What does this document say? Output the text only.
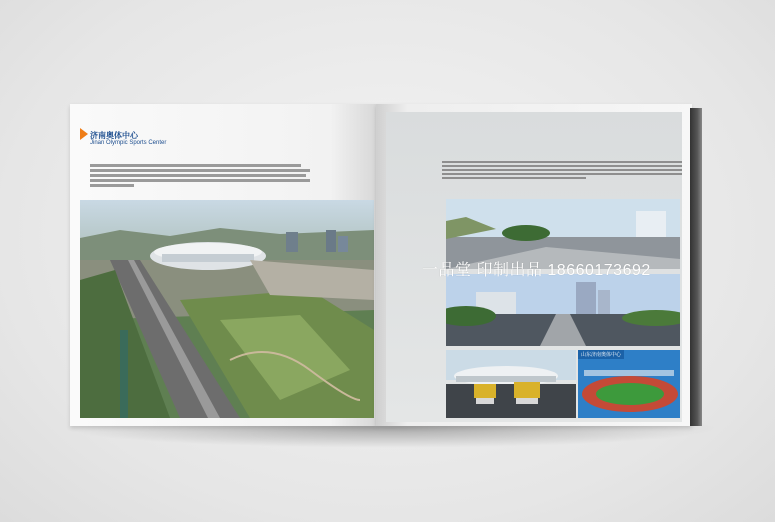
济南奥体中心
Jinan Olympic Sports Center
山东济南奥体中心
一品堂 印制出品 18660173692
